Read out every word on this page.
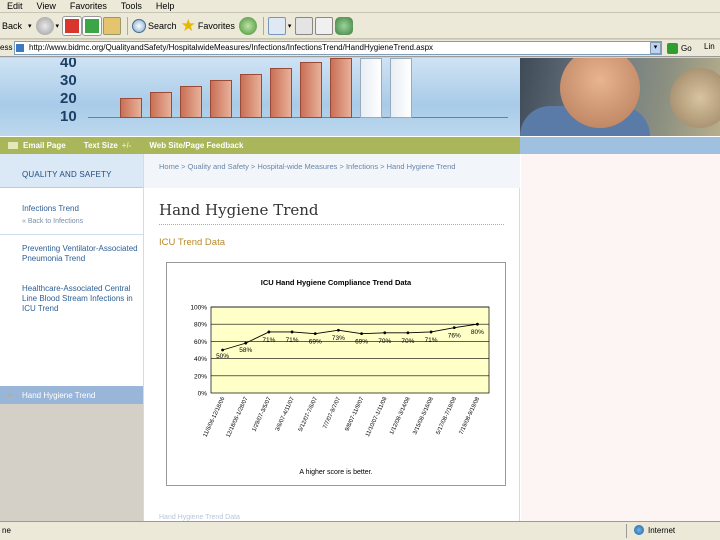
Edit View Favorites Tools Help
Back ▾	▾	Search ★ Favorites	▾
ess	http://www.bidmc.org/QualityandSafety/HospitalwideMeasures/Infections/InfectionsTrend/HandHygieneTrend.aspx	▾	Go Lin
40
30
20
10
Email Page Text Size +/- Web Site/Page Feedback
QUALITY AND SAFETY
Infections Trend
« Back to Infections
Preventing Ventilator-Associated Pneumonia Trend
Healthcare-Associated Central Line Blood Stream Infections in ICU Trend
» Hand Hygiene Trend
Home > Quality and Safety > Hospital-wide Measures > Infections > Hand Hygiene Trend
Hand Hygiene Trend
ICU Trend Data
ICU Hand Hygiene Compliance Trend Data
0%
20%
40%
60%
80%
100%
11/6/06-12/18/06 12/18/06-1/28/07 1/29/07-3/5/07 3/6/07-4/11/07 5/12/07-7/6/07 7/7/07-9/7/07 9/8/07-11/9/07 11/10/07-1/11/08 1/12/08-3/14/08 3/15/08-5/16/08 5/17/08-7/19/08 7/19/08-9/19/08
50%
58%
71% 71% 69% 73% 69% 70% 70% 71%
76% 80%
A higher score is better.
Hand Hygiene Trend Data
ne	Internet
